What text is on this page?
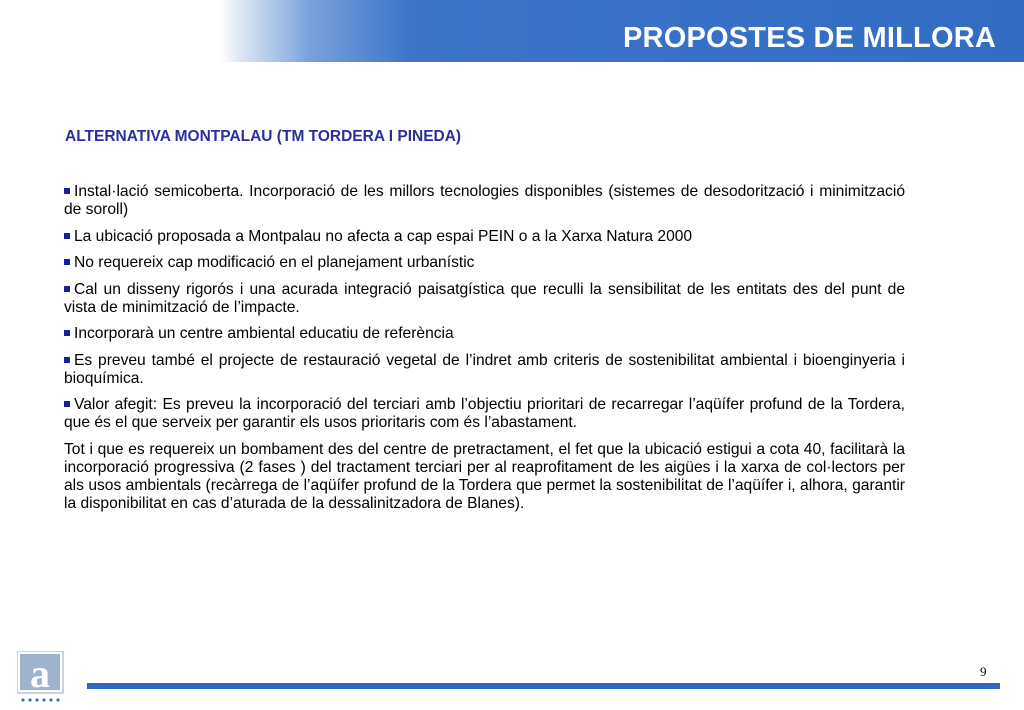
PROPOSTES DE MILLORA
ALTERNATIVA MONTPALAU (TM TORDERA I PINEDA)
Instal·lació semicoberta. Incorporació de les millors tecnologies disponibles (sistemes de desodorització i minimització de soroll)
La ubicació proposada a Montpalau no afecta a cap espai PEIN o a la Xarxa Natura 2000
No requereix cap modificació en el planejament urbanístic
Cal un disseny rigorós i una acurada integració paisatgística que reculli la sensibilitat de les entitats des del punt de vista de minimització de l’impacte.
Incorporarà un centre ambiental educatiu de referència
Es preveu també el projecte de restauració vegetal de l’indret amb criteris de sostenibilitat ambiental i bioenginyeria i bioquímica.
Valor afegit: Es preveu la incorporació del terciari amb l’objectiu prioritari de recarregar l’aqüífer profund de la Tordera, que és el que serveix per garantir els usos prioritaris com és l’abastament.
Tot i que es requereix un bombament des del centre de pretractament, el fet que la ubicació estigui a cota 40, facilitarà la incorporació progressiva (2 fases ) del tractament terciari per al reaprofitament de les aigües i la xarxa de col·lectors per als usos ambientals (recàrrega de l’aqüífer profund de la Tordera que permet la sostenibilitat de l’aqüífer i, alhora, garantir la disponibilitat en cas d’aturada de la dessalinitzadora de Blanes).
a	9
